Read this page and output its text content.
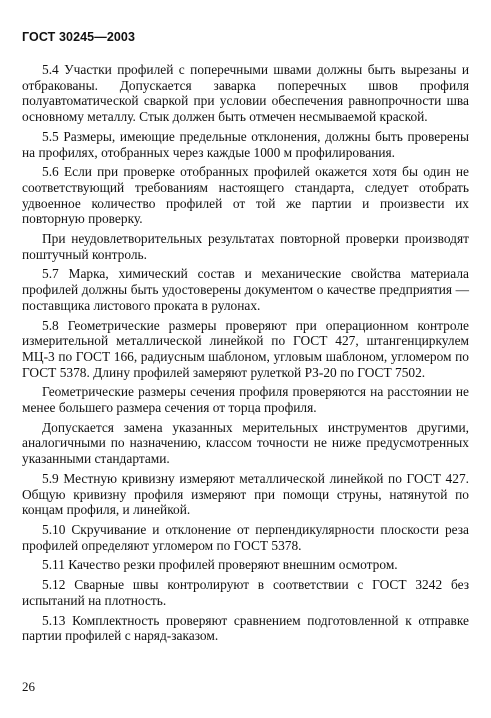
ГОСТ 30245—2003

5.4 Участки профилей с поперечными швами должны быть вырезаны и отбракованы. Допускается заварка поперечных швов профиля полуавтоматической сваркой при условии обеспечения равнопрочности шва основному металлу. Стык должен быть отмечен несмываемой краской.

5.5 Размеры, имеющие предельные отклонения, должны быть проверены на профилях, отобранных через каждые 1000 м профилирования.

5.6 Если при проверке отобранных профилей окажется хотя бы один не соответствующий требованиям настоящего стандарта, следует отобрать удвоенное количество профилей от той же партии и произвести их повторную проверку.

При неудовлетворительных результатах повторной проверки производят поштучный контроль.

5.7 Марка, химический состав и механические свойства материала профилей должны быть удостоверены документом о качестве предприятия — поставщика листового проката в рулонах.

5.8 Геометрические размеры проверяют при операционном контроле измерительной металлической линейкой по ГОСТ 427, штангенциркулем МЦ-3 по ГОСТ 166, радиусным шаблоном, угловым шаблоном, угломером по ГОСТ 5378. Длину профилей замеряют рулеткой РЗ-20 по ГОСТ 7502.

Геометрические размеры сечения профиля проверяются на расстоянии не менее большего размера сечения от торца профиля.

Допускается замена указанных мерительных инструментов другими, аналогичными по назначению, классом точности не ниже предусмотренных указанными стандартами.

5.9 Местную кривизну измеряют металлической линейкой по ГОСТ 427. Общую кривизну профиля измеряют при помощи струны, натянутой по концам профиля, и линейкой.

5.10 Скручивание и отклонение от перпендикулярности плоскости реза профилей определяют угломером по ГОСТ 5378.

5.11 Качество резки профилей проверяют внешним осмотром.

5.12 Сварные швы контролируют в соответствии с ГОСТ 3242 без испытаний на плотность.

5.13 Комплектность проверяют сравнением подготовленной к отправке партии профилей с наряд-заказом.

26
